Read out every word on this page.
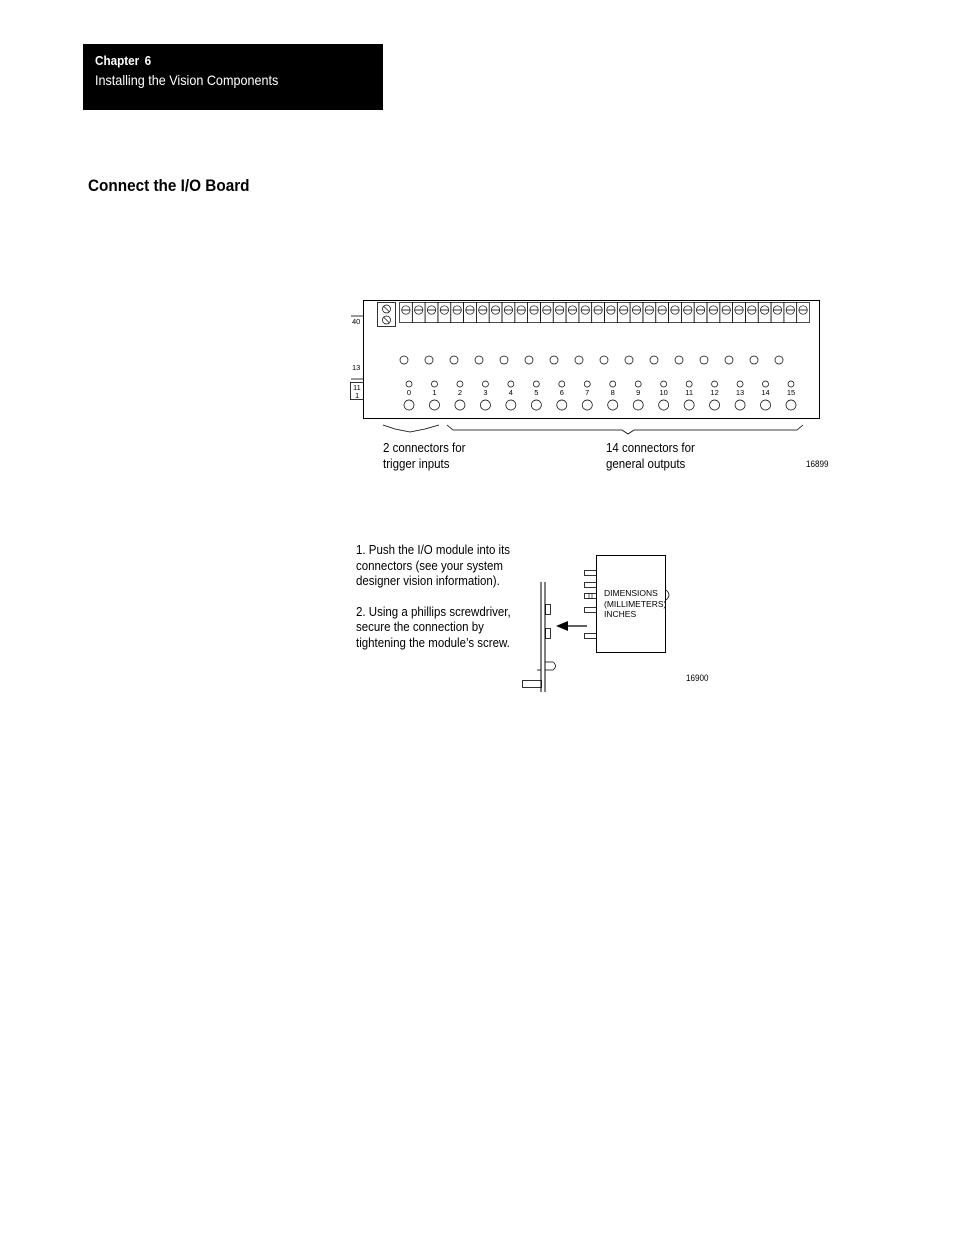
Chapter 6
Installing the Vision Components
Connect the I/O Board
40
13
11
1	0	1	2	3	4	5	6	7	8	9	10 11 12 13 14 15
2 connectors for
trigger inputs
14 connectors for
general outputs	16899

1. Push the I/O module into its
connectors (see your system
designer vision information).

2. Using a phillips screwdriver,
secure the connection by
tightening the module’s screw.

DIMENSIONS
(MILLIMETERS)
INCHES
16900
